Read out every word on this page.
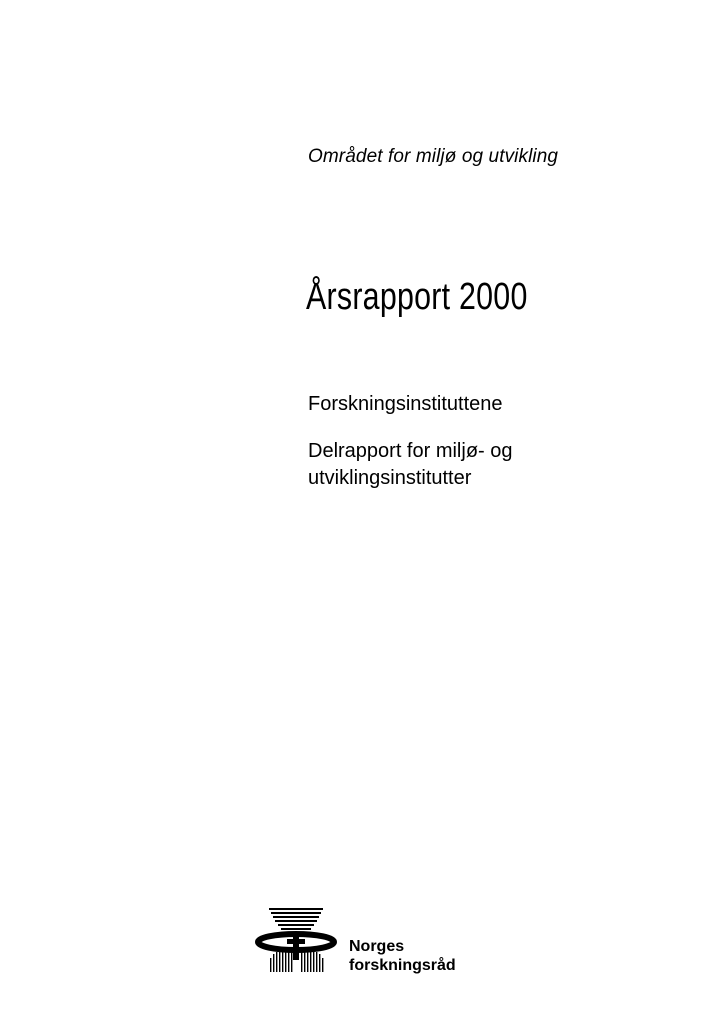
Området for miljø og utvikling
Årsrapport 2000
Forskningsinstituttene
Delrapport for miljø- og
utviklingsinstitutter
Norges
forskningsråd
